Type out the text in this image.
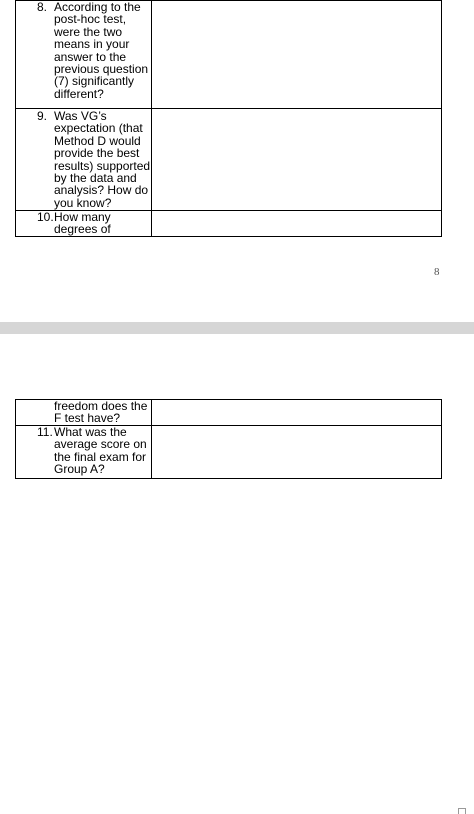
8. According to the post-hoc test, were the two means in your answer to the previous question (7) significantly different?	

9. Was VG’s expectation (that Method D would provide the best results) supported by the data and analysis? How do you know?	

10.How many degrees of	

8
freedom does the F test have?	

11.What was the average score on the final exam for Group A?	
